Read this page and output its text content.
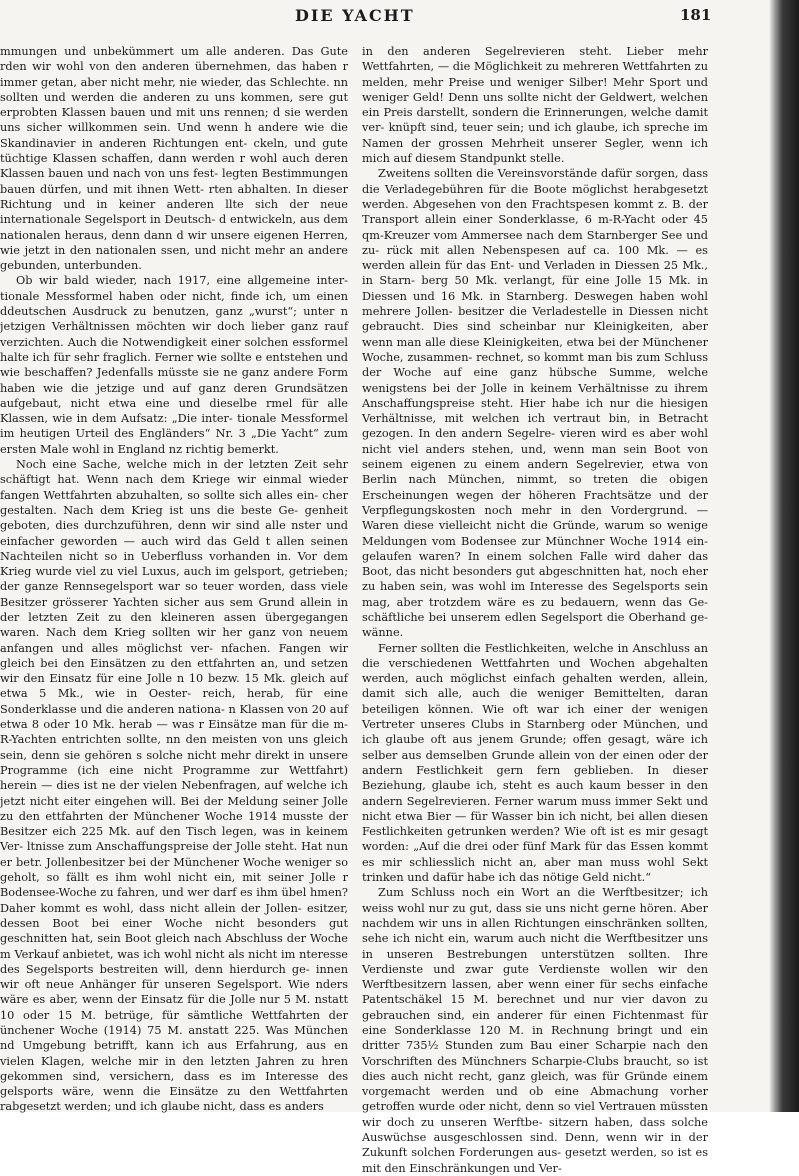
DIE YACHT	181

mmungen und unbekümmert um alle anderen. Das Gute rden wir wohl von den anderen übernehmen, das haben r immer getan, aber nicht mehr, nie wieder, das Schlechte. nn sollten und werden die anderen zu uns kommen, sere gut erprobten Klassen bauen und mit uns rennen; d sie werden uns sicher willkommen sein. Und wenn h andere wie die Skandinavier in anderen Richtungen ent- ckeln, und gute tüchtige Klassen schaffen, dann werden r wohl auch deren Klassen bauen und nach von uns fest- legten Bestimmungen bauen dürfen, und mit ihnen Wett- rten abhalten. In dieser Richtung und in keiner anderen llte sich der neue internationale Segelsport in Deutsch- d entwickeln, aus dem nationalen heraus, denn dann d wir unsere eigenen Herren, wie jetzt in den nationalen ssen, und nicht mehr an andere gebunden, unterbunden.

Ob wir bald wieder, nach 1917, eine allgemeine inter- tionale Messformel haben oder nicht, finde ich, um einen ddeutschen Ausdruck zu benutzen, ganz „wurst“; unter n jetzigen Verhältnissen möchten wir doch lieber ganz rauf verzichten. Auch die Notwendigkeit einer solchen essformel halte ich für sehr fraglich. Ferner wie sollte e entstehen und wie beschaffen? Jedenfalls müsste sie ne ganz andere Form haben wie die jetzige und auf ganz deren Grundsätzen aufgebaut, nicht etwa eine und dieselbe rmel für alle Klassen, wie in dem Aufsatz: „Die inter- tionale Messformel im heutigen Urteil des Engländers“ Nr. 3 „Die Yacht“ zum ersten Male wohl in England nz richtig bemerkt.

Noch eine Sache, welche mich in der letzten Zeit sehr schäftigt hat. Wenn nach dem Kriege wir einmal wieder fangen Wettfahrten abzuhalten, so sollte sich alles ein- cher gestalten. Nach dem Krieg ist uns die beste Ge- genheit geboten, dies durchzuführen, denn wir sind alle nster und einfacher geworden — auch wird das Geld t allen seinen Nachteilen nicht so in Ueberfluss vorhanden in. Vor dem Krieg wurde viel zu viel Luxus, auch im gelsport, getrieben; der ganze Rennsegelsport war so teuer worden, dass viele Besitzer grösserer Yachten sicher aus sem Grund allein in der letzten Zeit zu den kleineren assen übergegangen waren. Nach dem Krieg sollten wir her ganz von neuem anfangen und alles möglichst ver- nfachen. Fangen wir gleich bei den Einsätzen zu den ettfahrten an, und setzen wir den Einsatz für eine Jolle n 10 bezw. 15 Mk. gleich auf etwa 5 Mk., wie in Oester- reich, herab, für eine Sonderklasse und die anderen nationa- n Klassen von 20 auf etwa 8 oder 10 Mk. herab — was r Einsätze man für die m-R-Yachten entrichten sollte, nn den meisten von uns gleich sein, denn sie gehören s solche nicht mehr direkt in unsere Programme (ich eine nicht Programme zur Wettfahrt) herein — dies ist ne der vielen Nebenfragen, auf welche ich jetzt nicht eiter eingehen will. Bei der Meldung seiner Jolle zu den ettfahrten der Münchener Woche 1914 musste der Besitzer eich 225 Mk. auf den Tisch legen, was in keinem Ver- ltnisse zum Anschaffungspreise der Jolle steht. Hat nun er betr. Jollenbesitzer bei der Münchener Woche weniger so geholt, so fällt es ihm wohl nicht ein, mit seiner Jolle r Bodensee-Woche zu fahren, und wer darf es ihm übel hmen? Daher kommt es wohl, dass nicht allein der Jollen- esitzer, dessen Boot bei einer Woche nicht besonders gut geschnitten hat, sein Boot gleich nach Abschluss der Woche m Verkauf anbietet, was ich wohl nicht als nicht im nteresse des Segelsports bestreiten will, denn hierdurch ge- innen wir oft neue Anhänger für unseren Segelsport. Wie nders wäre es aber, wenn der Einsatz für die Jolle nur 5 M. nstatt 10 oder 15 M. betrüge, für sämtliche Wettfahrten der ünchener Woche (1914) 75 M. anstatt 225. Was München nd Umgebung betrifft, kann ich aus Erfahrung, aus en vielen Klagen, welche mir in den letzten Jahren zu hren gekommen sind, versichern, dass es im Interesse des gelsports wäre, wenn die Einsätze zu den Wettfahrten rabgesetzt werden; und ich glaube nicht, dass es anders

in den anderen Segelrevieren steht. Lieber mehr Wettfahrten, — die Möglichkeit zu mehreren Wettfahrten zu melden, mehr Preise und weniger Silber! Mehr Sport und weniger Geld! Denn uns sollte nicht der Geldwert, welchen ein Preis darstellt, sondern die Erinnerungen, welche damit ver- knüpft sind, teuer sein; und ich glaube, ich spreche im Namen der grossen Mehrheit unserer Segler, wenn ich mich auf diesem Standpunkt stelle.

Zweitens sollten die Vereinsvorstände dafür sorgen, dass die Verladegebühren für die Boote möglichst herabgesetzt werden. Abgesehen von den Frachtspesen kommt z. B. der Transport allein einer Sonderklasse, 6 m-R-Yacht oder 45 qm-Kreuzer vom Ammersee nach dem Starnberger See und zu- rück mit allen Nebenspesen auf ca. 100 Mk. — es werden allein für das Ent- und Verladen in Diessen 25 Mk., in Starn- berg 50 Mk. verlangt, für eine Jolle 15 Mk. in Diessen und 16 Mk. in Starnberg. Deswegen haben wohl mehrere Jollen- besitzer die Verladestelle in Diessen nicht gebraucht. Dies sind scheinbar nur Kleinigkeiten, aber wenn man alle diese Kleinigkeiten, etwa bei der Münchener Woche, zusammen- rechnet, so kommt man bis zum Schluss der Woche auf eine ganz hübsche Summe, welche wenigstens bei der Jolle in keinem Verhältnisse zu ihrem Anschaffungspreise steht. Hier habe ich nur die hiesigen Verhältnisse, mit welchen ich vertraut bin, in Betracht gezogen. In den andern Segelre- vieren wird es aber wohl nicht viel anders stehen, und, wenn man sein Boot von seinem eigenen zu einem andern Segelrevier, etwa von Berlin nach München, nimmt, so treten die obigen Erscheinungen wegen der höheren Frachtsätze und der Verpflegungskosten noch mehr in den Vordergrund. — Waren diese vielleicht nicht die Gründe, warum so wenige Meldungen vom Bodensee zur Münchner Woche 1914 ein- gelaufen waren? In einem solchen Falle wird daher das Boot, das nicht besonders gut abgeschnitten hat, noch eher zu haben sein, was wohl im Interesse des Segelsports sein mag, aber trotzdem wäre es zu bedauern, wenn das Ge- schäftliche bei unserem edlen Segelsport die Oberhand ge- wänne.

Ferner sollten die Festlichkeiten, welche in Anschluss an die verschiedenen Wettfahrten und Wochen abgehalten werden, auch möglichst einfach gehalten werden, allein, damit sich alle, auch die weniger Bemittelten, daran beteiligen können. Wie oft war ich einer der wenigen Vertreter unseres Clubs in Starnberg oder München, und ich glaube oft aus jenem Grunde; offen gesagt, wäre ich selber aus demselben Grunde allein von der einen oder der andern Festlichkeit gern fern geblieben. In dieser Beziehung, glaube ich, steht es auch kaum besser in den andern Segelrevieren. Ferner warum muss immer Sekt und nicht etwa Bier — für Wasser bin ich nicht, bei allen diesen Festlichkeiten getrunken werden? Wie oft ist es mir gesagt worden: „Auf die drei oder fünf Mark für das Essen kommt es mir schliesslich nicht an, aber man muss wohl Sekt trinken und dafür habe ich das nötige Geld nicht.“

Zum Schluss noch ein Wort an die Werftbesitzer; ich weiss wohl nur zu gut, dass sie uns nicht gerne hören. Aber nachdem wir uns in allen Richtungen einschränken sollten, sehe ich nicht ein, warum auch nicht die Werftbesitzer uns in unseren Bestrebungen unterstützen sollten. Ihre Verdienste und zwar gute Verdienste wollen wir den Werftbesitzern lassen, aber wenn einer für sechs einfache Patentschäkel 15 M. berechnet und nur vier davon zu gebrauchen sind, ein anderer für einen Fichtenmast für eine Sonderklasse 120 M. in Rechnung bringt und ein dritter 735½ Stunden zum Bau einer Scharpie nach den Vorschriften des Münchners Scharpie-Clubs braucht, so ist dies auch nicht recht, ganz gleich, was für Gründe einem vorgemacht werden und ob eine Abmachung vorher getroffen wurde oder nicht, denn so viel Vertrauen müssten wir doch zu unseren Werftbe- sitzern haben, dass solche Auswüchse ausgeschlossen sind. Denn, wenn wir in der Zukunft solchen Forderungen aus- gesetzt werden, so ist es mit den Einschränkungen und Ver-
